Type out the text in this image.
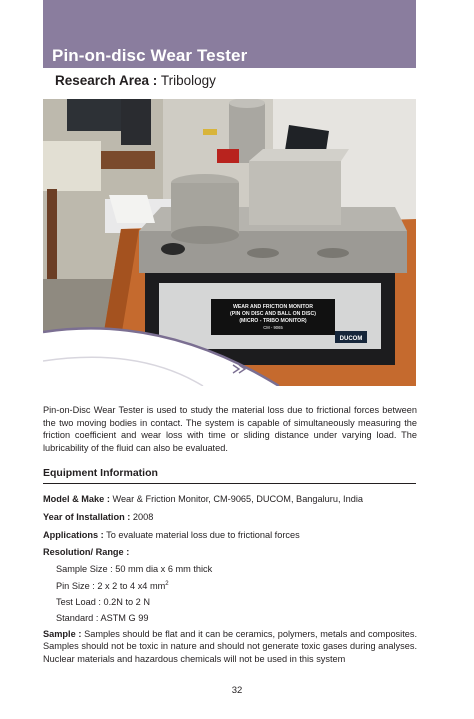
Pin-on-disc Wear Tester
Research Area : Tribology
WEAR AND FRICTION MONITOR
(PIN ON DISC AND BALL ON DISC)
(MICRO - TRIBO MONITOR)
CM - 9065
DUCOM
Pin-on-Disc Wear Tester is used to study the material loss due to frictional forces between the two moving bodies in contact. The system is capable of simultaneously measuring the friction coefficient and wear loss with time or sliding distance under varying load. The lubricability of the fluid can also be evaluated.
Equipment Information
Model & Make : Wear & Friction Monitor, CM-9065, DUCOM, Bangaluru, India
Year of Installation : 2008
Applications : To evaluate material loss due to frictional forces
Resolution/ Range :
Sample Size : 50 mm dia x 6 mm thick
Pin Size : 2 x 2 to 4 x4 $mm^2$
Test Load : 0.2N to 2 N
Standard : ASTM G 99
Sample : Samples should be flat and it can be ceramics, polymers, metals and composites. Samples should not be toxic in nature and should not generate toxic gases during analyses. Nuclear materials and hazardous chemicals will not be used in this system
32
